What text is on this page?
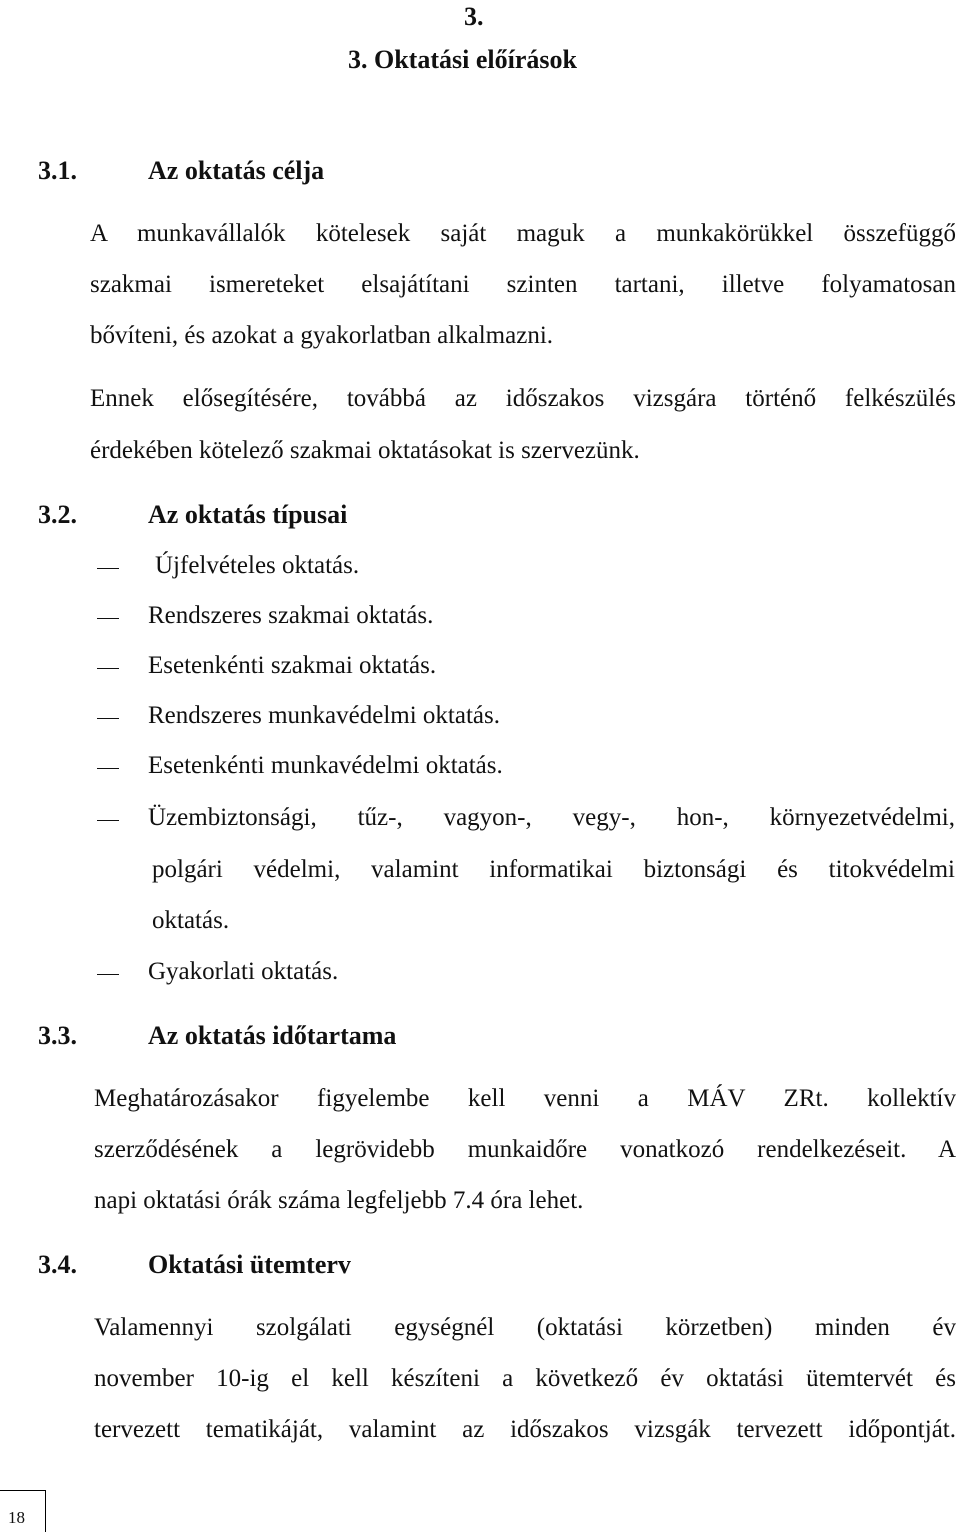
3.
3. Oktatási előírások
3.1.	Az oktatás célja
A munkavállalók kötelesek saját maguk a munkakörükkel összefüggő
szakmai ismereteket elsajátítani szinten tartani, illetve folyamatosan
bővíteni, és azokat a gyakorlatban alkalmazni.
Ennek elősegítésére, továbbá az időszakos vizsgára történő felkészülés
érdekében kötelező szakmai oktatásokat is szervezünk.
3.2.	Az oktatás típusai
Újfelvételes oktatás.
Rendszeres szakmai oktatás.
Esetenkénti szakmai oktatás.
Rendszeres munkavédelmi oktatás.
Esetenkénti munkavédelmi oktatás.
Üzembiztonsági, tűz-, vagyon-, vegy-, hon-, környezetvédelmi,
polgári védelmi, valamint informatikai biztonsági és titokvédelmi
oktatás.
Gyakorlati oktatás.
3.3.	Az oktatás időtartama
Meghatározásakor figyelembe kell venni a MÁV ZRt. kollektív
szerződésének a legrövidebb munkaidőre vonatkozó rendelkezéseit. A
napi oktatási órák száma legfeljebb 7.4 óra lehet.
3.4.	Oktatási ütemterv
Valamennyi szolgálati egységnél (oktatási körzetben) minden év
november 10-ig el kell készíteni a következő év oktatási ütemtervét és
tervezett tematikáját, valamint az időszakos vizsgák tervezett időpontját.
18
